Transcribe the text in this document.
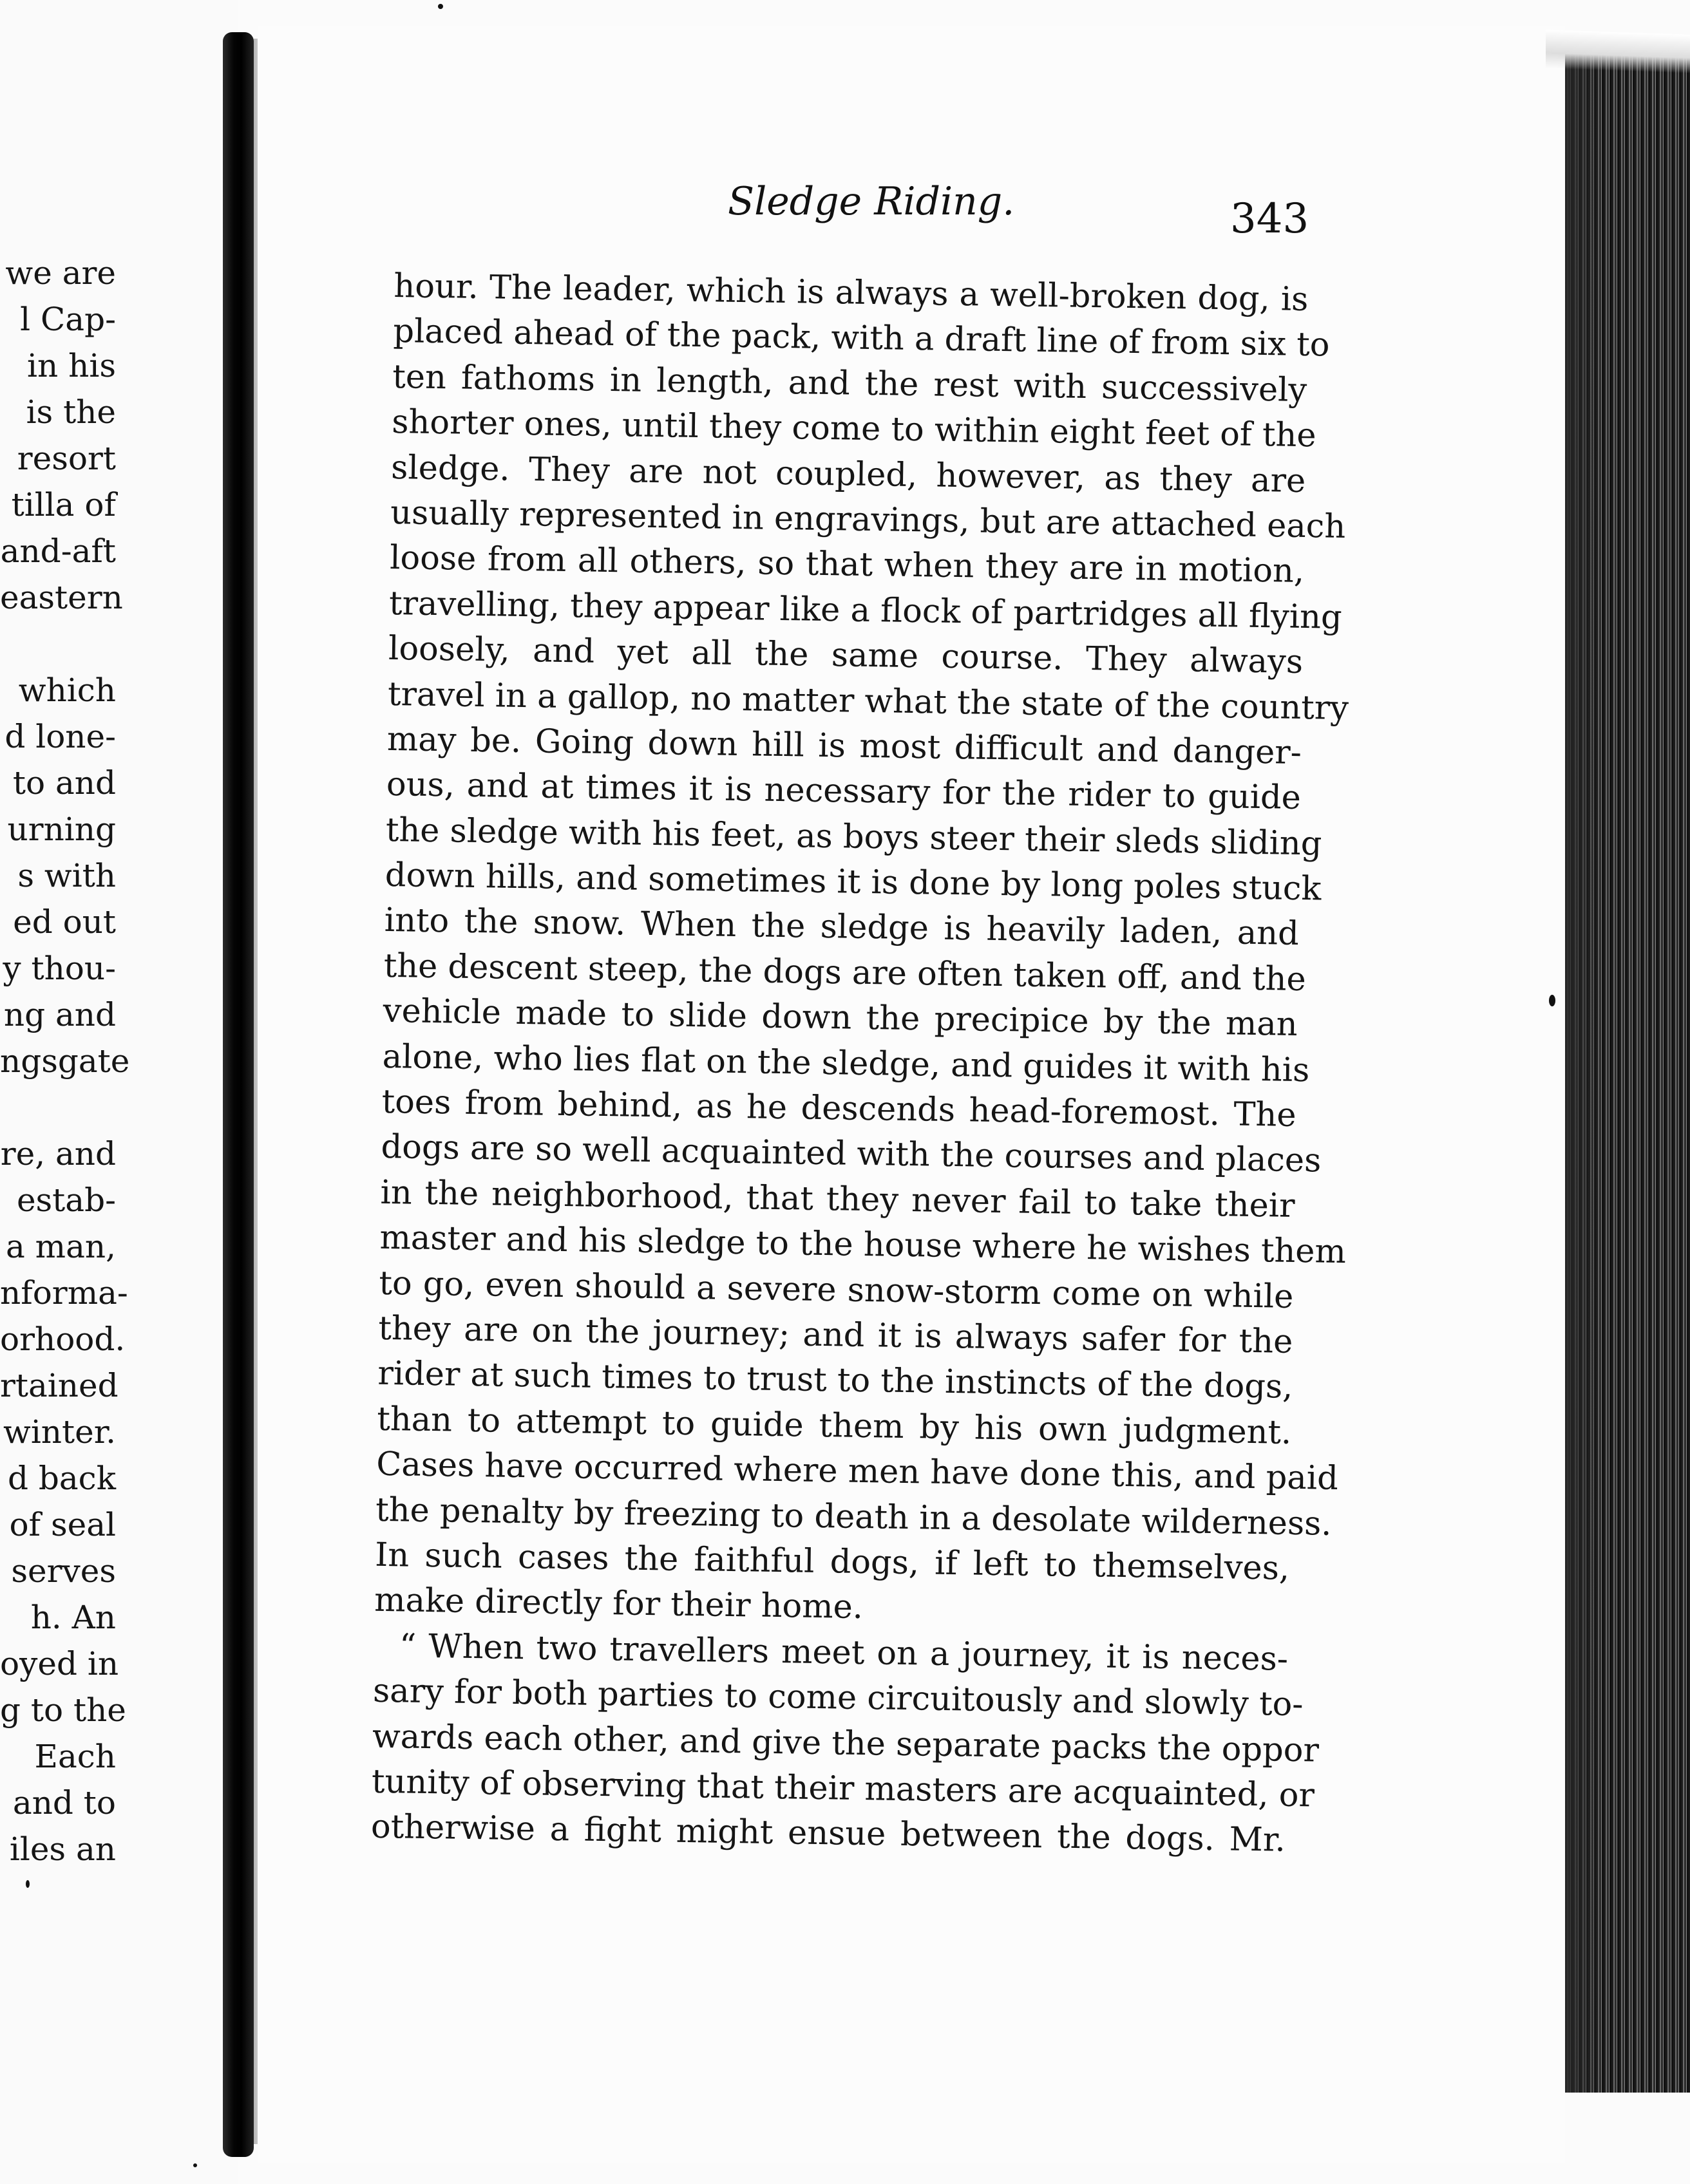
we are
l Cap-
in his
is the
resort
tilla of
and-aft
eastern
which
d lone-
to and
urning
s with
ed out
y thou-
ng and
ngsgate
re, and
estab-
a man,
nforma-
orhood.
rtained
winter.
d back
of seal
serves
h. An
oyed in
g to the
Each
and to
iles an
Sledge Riding.	343
hour. The leader, which is always a well-broken dog, is
placed ahead of the pack, with a draft line of from six to
ten fathoms in length, and the rest with successively
shorter ones, until they come to within eight feet of the
sledge. They are not coupled, however, as they are
usually represented in engravings, but are attached each
loose from all others, so that when they are in motion,
travelling, they appear like a flock of partridges all flying
loosely, and yet all the same course. They always
travel in a gallop, no matter what the state of the country
may be. Going down hill is most difficult and danger-
ous, and at times it is necessary for the rider to guide
the sledge with his feet, as boys steer their sleds sliding
down hills, and sometimes it is done by long poles stuck
into the snow. When the sledge is heavily laden, and
the descent steep, the dogs are often taken off, and the
vehicle made to slide down the precipice by the man
alone, who lies flat on the sledge, and guides it with his
toes from behind, as he descends head-foremost. The
dogs are so well acquainted with the courses and places
in the neighborhood, that they never fail to take their
master and his sledge to the house where he wishes them
to go, even should a severe snow-storm come on while
they are on the journey; and it is always safer for the
rider at such times to trust to the instincts of the dogs,
than to attempt to guide them by his own judgment.
Cases have occurred where men have done this, and paid
the penalty by freezing to death in a desolate wilderness.
In such cases the faithful dogs, if left to themselves,
make directly for their home.
“ When two travellers meet on a journey, it is neces-
sary for both parties to come circuitously and slowly to-
wards each other, and give the separate packs the oppor
tunity of observing that their masters are acquainted, or
otherwise a fight might ensue between the dogs. Mr.
